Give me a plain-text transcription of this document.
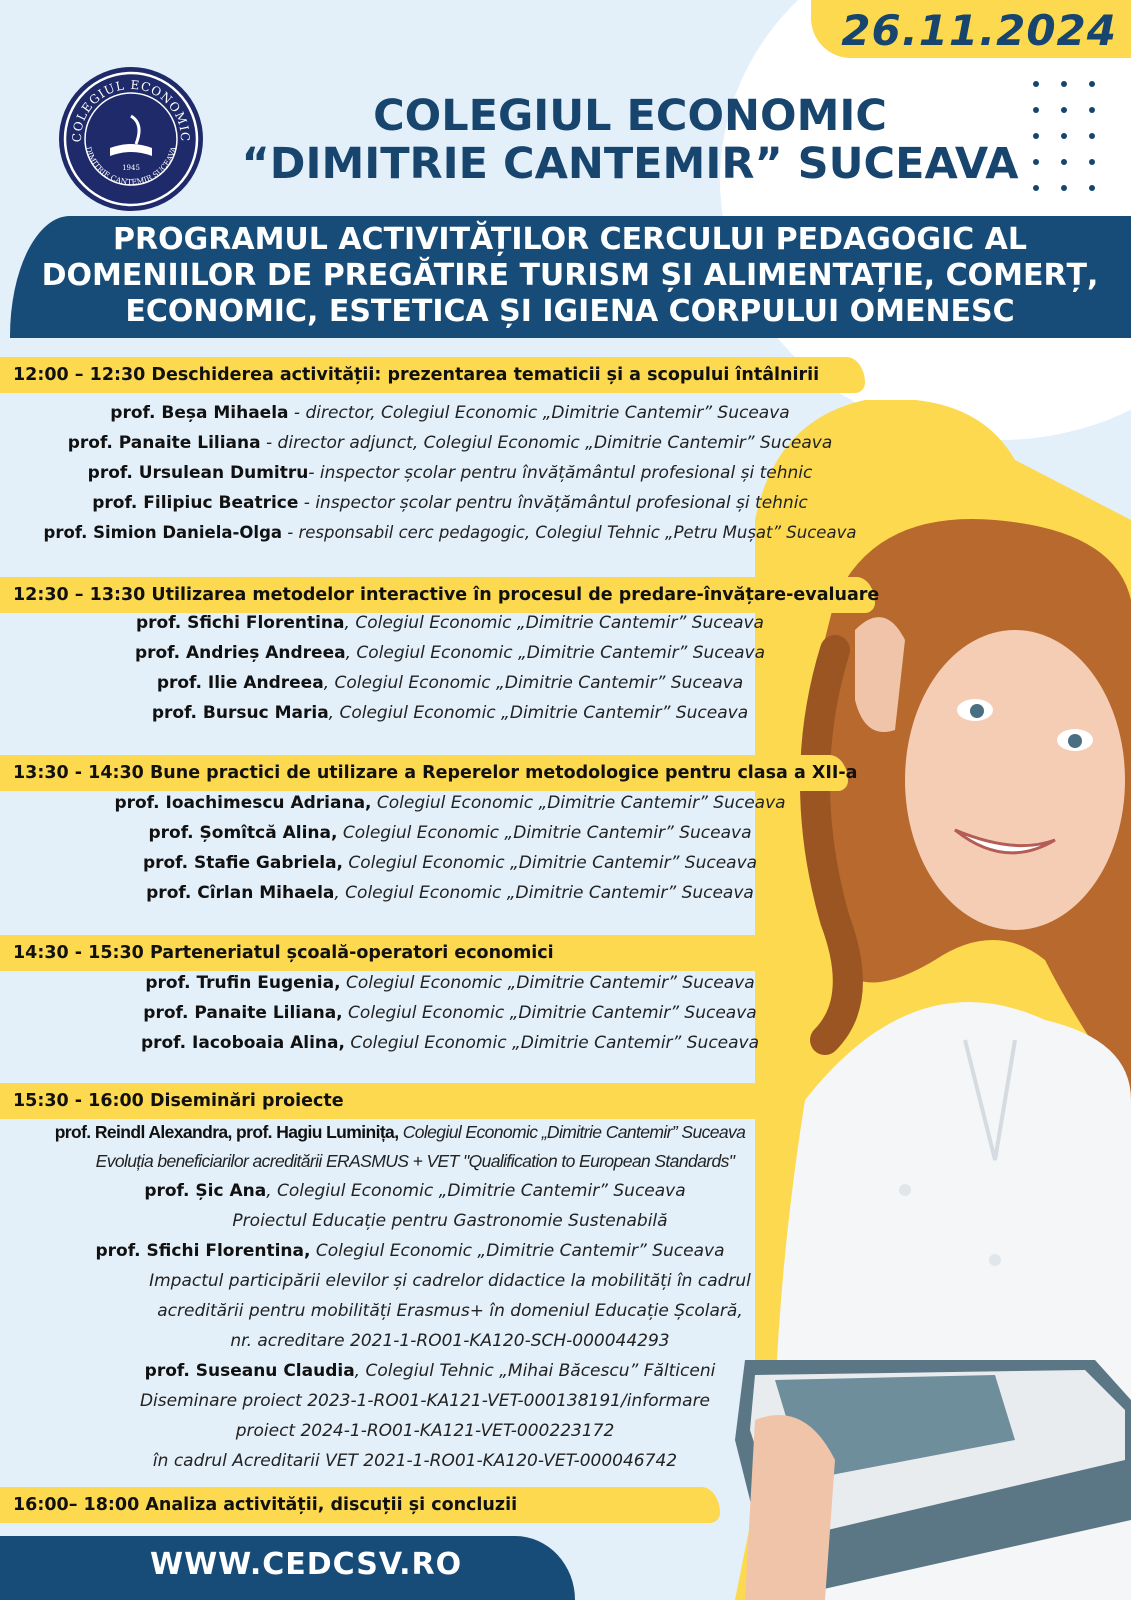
26.11.2024
COLEGIUL ECONOMIC
DIMITRIE CANTEMIR SUCEAVA
1945
COLEGIUL ECONOMIC
“DIMITRIE CANTEMIR” SUCEAVA
PROGRAMUL ACTIVITĂȚILOR CERCULUI PEDAGOGIC AL
DOMENIILOR DE PREGĂTIRE TURISM ȘI ALIMENTAȚIE, COMERȚ,
ECONOMIC, ESTETICA ȘI IGIENA CORPULUI OMENESC
12:00 – 12:30 Deschiderea activității: prezentarea tematicii și a scopului întâlnirii
prof. Beșa Mihaela - director, Colegiul Economic „Dimitrie Cantemir” Suceava
prof. Panaite Liliana - director adjunct, Colegiul Economic „Dimitrie Cantemir” Suceava
prof. Ursulean Dumitru- inspector școlar pentru învățământul profesional și tehnic
prof. Filipiuc Beatrice - inspector școlar pentru învățământul profesional și tehnic
prof. Simion Daniela-Olga - responsabil cerc pedagogic, Colegiul Tehnic „Petru Mușat” Suceava
12:30 – 13:30 Utilizarea metodelor interactive în procesul de predare-învățare-evaluare
prof. Sfichi Florentina, Colegiul Economic „Dimitrie Cantemir” Suceava
prof. Andrieș Andreea, Colegiul Economic „Dimitrie Cantemir” Suceava
prof. Ilie Andreea, Colegiul Economic „Dimitrie Cantemir” Suceava
prof. Bursuc Maria, Colegiul Economic „Dimitrie Cantemir” Suceava
13:30 - 14:30 Bune practici de utilizare a Reperelor metodologice pentru clasa a XII-a
prof. Ioachimescu Adriana, Colegiul Economic „Dimitrie Cantemir” Suceava
prof. Șomîtcă Alina, Colegiul Economic „Dimitrie Cantemir” Suceava
prof. Stafie Gabriela, Colegiul Economic „Dimitrie Cantemir” Suceava
prof. Cîrlan Mihaela, Colegiul Economic „Dimitrie Cantemir” Suceava
14:30 - 15:30 Parteneriatul școală-operatori economici
prof. Trufin Eugenia, Colegiul Economic „Dimitrie Cantemir” Suceava
prof. Panaite Liliana, Colegiul Economic „Dimitrie Cantemir” Suceava
prof. Iacoboaia Alina, Colegiul Economic „Dimitrie Cantemir” Suceava
15:30 - 16:00 Diseminări proiecte
prof. Reindl Alexandra, prof. Hagiu Luminița, Colegiul Economic „Dimitrie Cantemir” Suceava
Evoluția beneficiarilor acreditării ERASMUS + VET "Qualification to European Standards"
prof. Șic Ana, Colegiul Economic „Dimitrie Cantemir” Suceava
Proiectul Educație pentru Gastronomie Sustenabilă
prof. Sfichi Florentina, Colegiul Economic „Dimitrie Cantemir” Suceava
Impactul participării elevilor și cadrelor didactice la mobilități în cadrul
acreditării pentru mobilități Erasmus+ în domeniul Educație Școlară,
nr. acreditare 2021-1-RO01-KA120-SCH-000044293
prof. Suseanu Claudia, Colegiul Tehnic „Mihai Băcescu” Fălticeni
Diseminare proiect 2023-1-RO01-KA121-VET-000138191/informare
proiect 2024-1-RO01-KA121-VET-000223172
în cadrul Acreditarii VET 2021-1-RO01-KA120-VET-000046742
16:00– 18:00 Analiza activității, discuții și concluzii
WWW.CEDCSV.RO
